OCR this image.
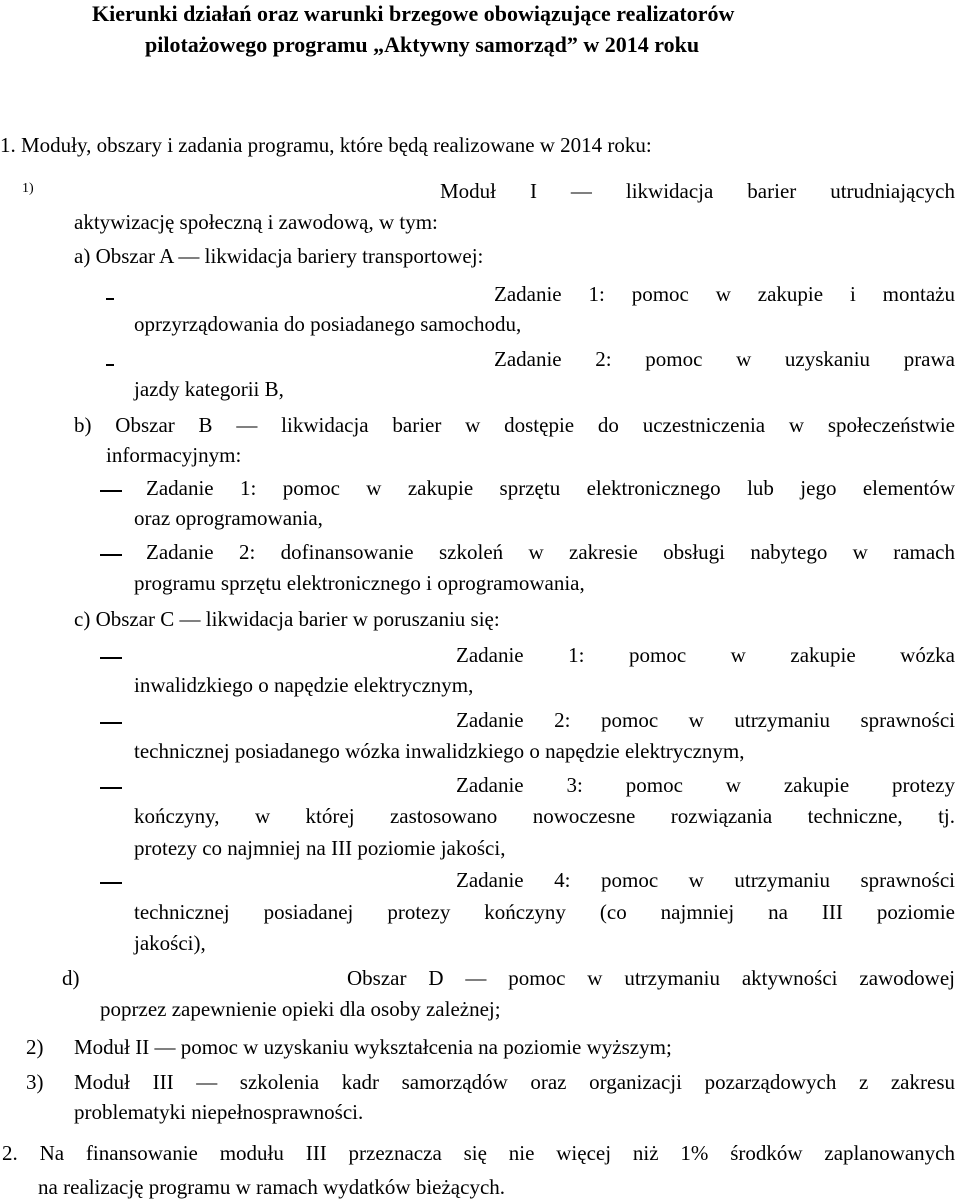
Kierunki działań oraz warunki brzegowe obowiązujące realizatorów
pilotażowego programu „Aktywny samorząd” w 2014 roku
1. Moduły, obszary i zadania programu, które będą realizowane w 2014 roku:
1)	Moduł I — likwidacja barier utrudniających
aktywizację społeczną i zawodową, w tym:
a) Obszar A — likwidacja bariery transportowej:
Zadanie 1: pomoc w zakupie i montażu
oprzyrządowania do posiadanego samochodu,
Zadanie 2: pomoc w uzyskaniu prawa
jazdy kategorii B,
b) Obszar B — likwidacja barier w dostępie do uczestniczenia w społeczeństwie
informacyjnym:
Zadanie 1: pomoc w zakupie sprzętu elektronicznego lub jego elementów
oraz oprogramowania,
Zadanie 2: dofinansowanie szkoleń w zakresie obsługi nabytego w ramach
programu sprzętu elektronicznego i oprogramowania,
c) Obszar C — likwidacja barier w poruszaniu się:
Zadanie 1: pomoc w zakupie wózka
inwalidzkiego o napędzie elektrycznym,
Zadanie 2: pomoc w utrzymaniu sprawności
technicznej posiadanego wózka inwalidzkiego o napędzie elektrycznym,
Zadanie 3: pomoc w zakupie protezy
kończyny, w której zastosowano nowoczesne rozwiązania techniczne, tj.
protezy co najmniej na III poziomie jakości,
Zadanie 4: pomoc w utrzymaniu sprawności
technicznej posiadanej protezy kończyny (co najmniej na III poziomie
jakości),
d)	Obszar D — pomoc w utrzymaniu aktywności zawodowej
poprzez zapewnienie opieki dla osoby zależnej;
2) Moduł II — pomoc w uzyskaniu wykształcenia na poziomie wyższym;
3) Moduł III — szkolenia kadr samorządów oraz organizacji pozarządowych z zakresu
problematyki niepełnosprawności.
2. Na finansowanie modułu III przeznacza się nie więcej niż 1% środków zaplanowanych
na realizację programu w ramach wydatków bieżących.
